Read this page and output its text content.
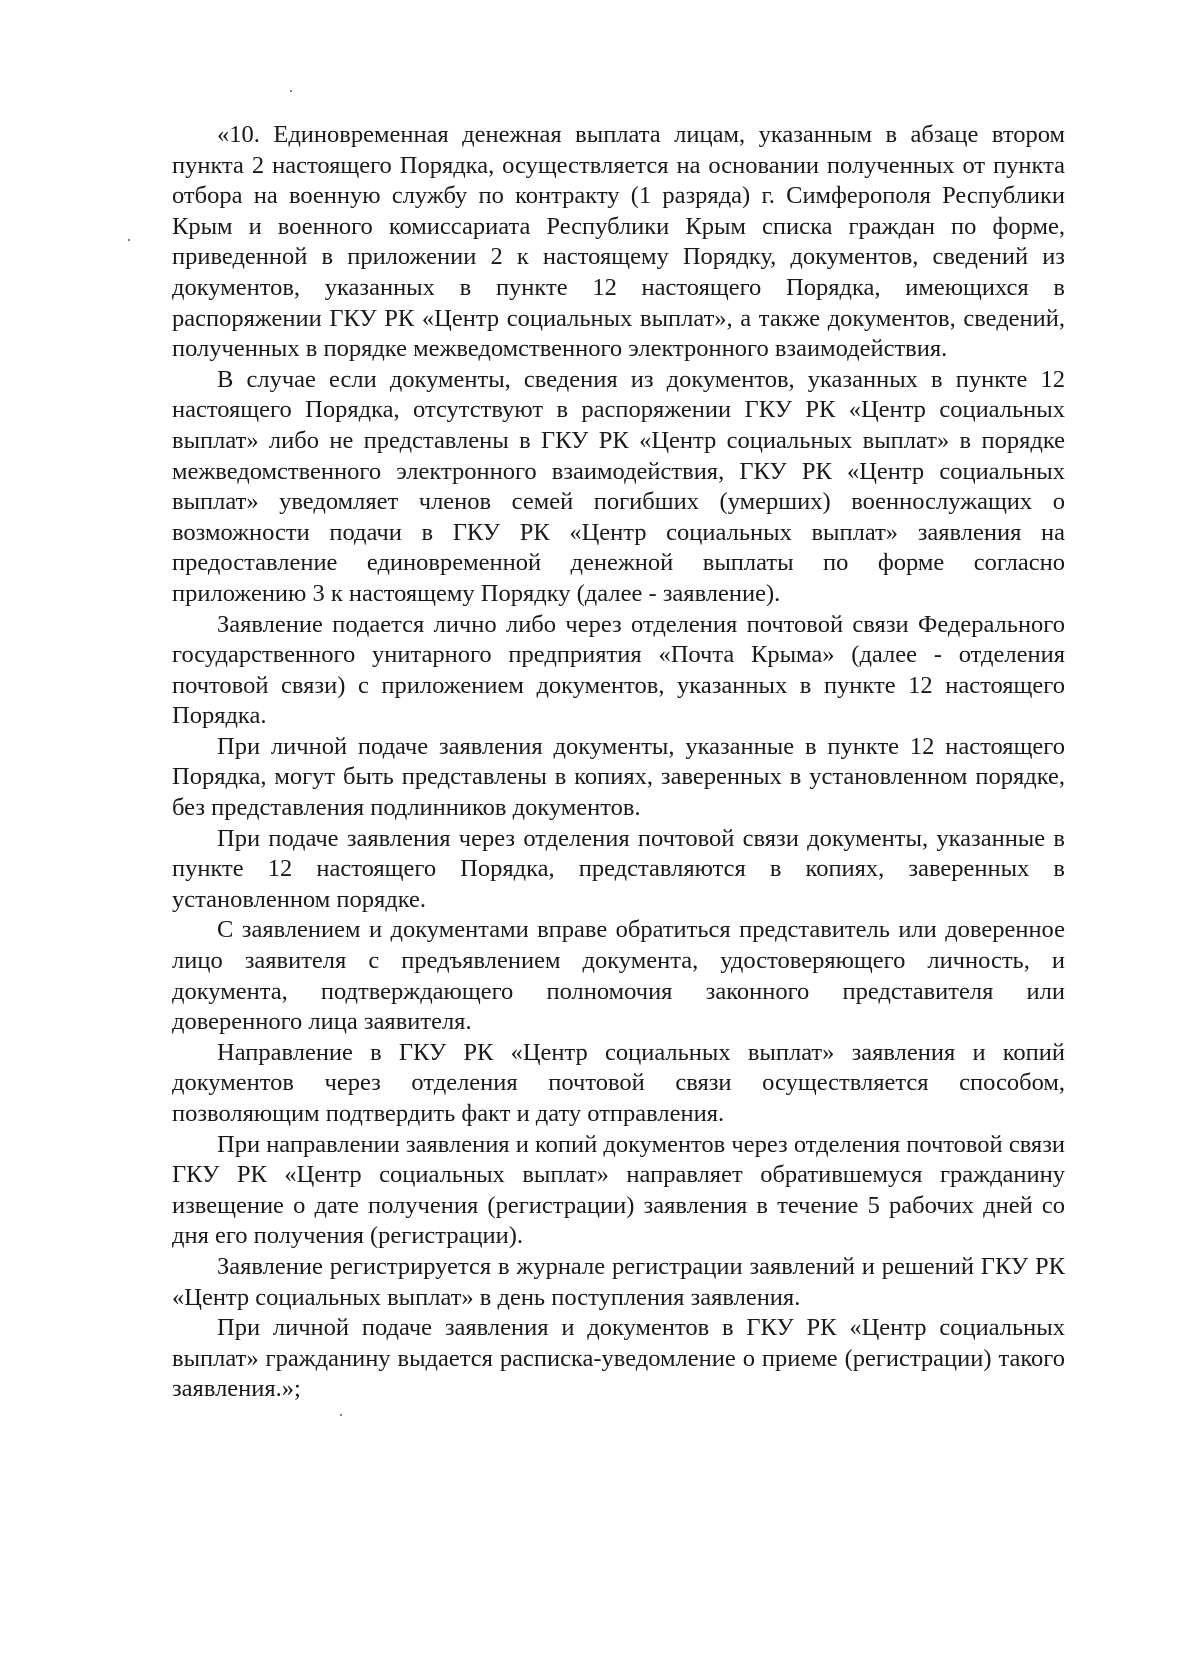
«10. Единовременная денежная выплата лицам, указанным в абзаце втором пункта 2 настоящего Порядка, осуществляется на основании полученных от пункта отбора на военную службу по контракту (1 разряда) г. Симферополя Республики Крым и военного комиссариата Республики Крым списка граждан по форме, приведенной в приложении 2 к настоящему Порядку, документов, сведений из документов, указанных в пункте 12 настоящего Порядка, имеющихся в распоряжении ГКУ РК «Центр социальных выплат», а также документов, сведений, полученных в порядке межведомственного электронного взаимодействия.

В случае если документы, сведения из документов, указанных в пункте 12 настоящего Порядка, отсутствуют в распоряжении ГКУ РК «Центр социальных выплат» либо не представлены в ГКУ РК «Центр социальных выплат» в порядке межведомственного электронного взаимодействия, ГКУ РК «Центр социальных выплат» уведомляет членов семей погибших (умерших) военнослужащих о возможности подачи в ГКУ РК «Центр социальных выплат» заявления на предоставление единовременной денежной выплаты по форме согласно приложению 3 к настоящему Порядку (далее - заявление).

Заявление подается лично либо через отделения почтовой связи Федерального государственного унитарного предприятия «Почта Крыма» (далее - отделения почтовой связи) с приложением документов, указанных в пункте 12 настоящего Порядка.

При личной подаче заявления документы, указанные в пункте 12 настоящего Порядка, могут быть представлены в копиях, заверенных в установленном порядке, без представления подлинников документов.

При подаче заявления через отделения почтовой связи документы, указанные в пункте 12 настоящего Порядка, представляются в копиях, заверенных в установленном порядке.

С заявлением и документами вправе обратиться представитель или доверенное лицо заявителя с предъявлением документа, удостоверяющего личность, и документа, подтверждающего полномочия законного представителя или доверенного лица заявителя.

Направление в ГКУ РК «Центр социальных выплат» заявления и копий документов через отделения почтовой связи осуществляется способом, позволяющим подтвердить факт и дату отправления.

При направлении заявления и копий документов через отделения почтовой связи ГКУ РК «Центр социальных выплат» направляет обратившемуся гражданину извещение о дате получения (регистрации) заявления в течение 5 рабочих дней со дня его получения (регистрации).

Заявление регистрируется в журнале регистрации заявлений и решений ГКУ РК «Центр социальных выплат» в день поступления заявления.

При личной подаче заявления и документов в ГКУ РК «Центр социальных выплат» гражданину выдается расписка-уведомление о приеме (регистрации) такого заявления.»;
